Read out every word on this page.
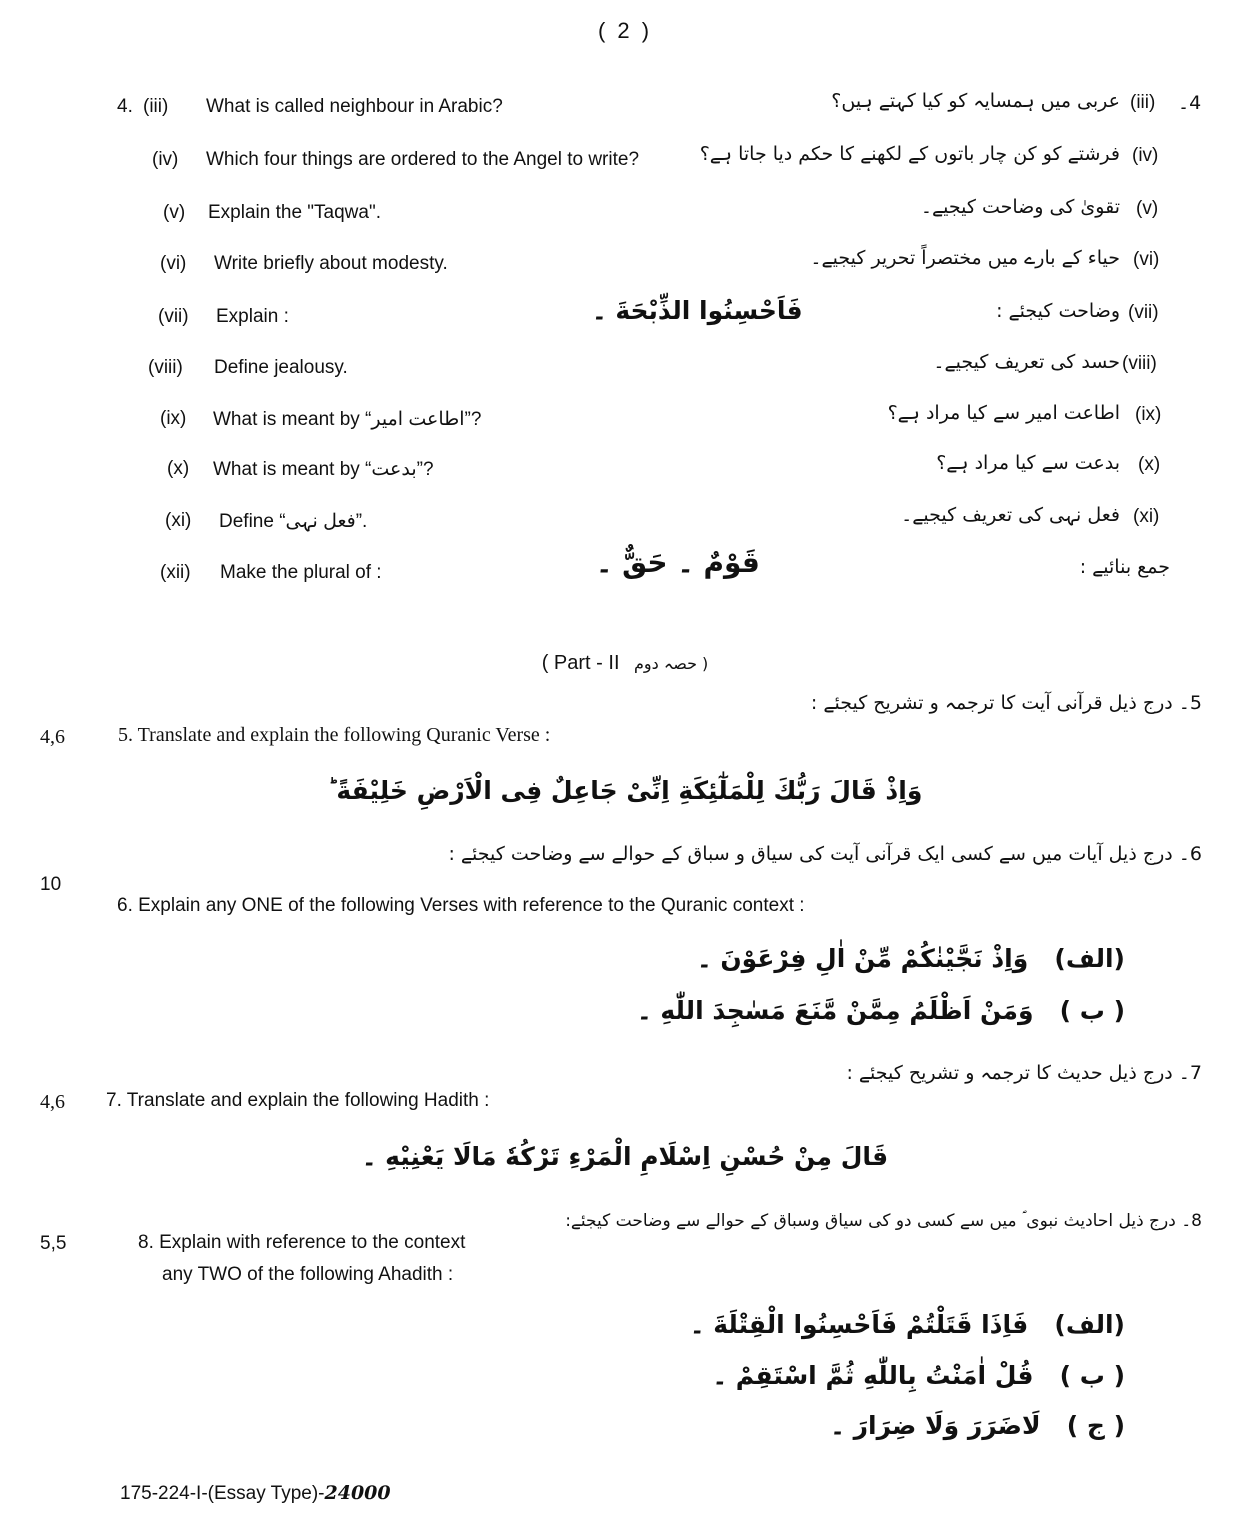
( 2 )
4.	4۔
(iii) What is called neighbour in Arabic?	عربی میں ہمسایہ کو کیا کہتے ہیں؟ (iii)
(iv) Which four things are ordered to the Angel to write?	فرشتے کو کن چار باتوں کے لکھنے کا حکم دیا جاتا ہے؟ (iv)
(v) Explain the "Taqwa".	تقویٰ کی وضاحت کیجیے۔ (v)
(vi) Write briefly about modesty.	حیاء کے بارے میں مختصراً تحریر کیجیے۔ (vi)
(vii) Explain :	فَاَحْسِنُوا الذِّبْحَةَ ۔	وضاحت کیجئے : (vii)
(viii) Define jealousy.	حسد کی تعریف کیجیے۔ (viii)
(ix) What is meant by “اطاعت امیر”?	اطاعت امیر سے کیا مراد ہے؟ (ix)
(x) What is meant by “بدعت”?	بدعت سے کیا مراد ہے؟ (x)
(xi) Define “فعل نہی”.	فعل نہی کی تعریف کیجیے۔ (xi)
(xii) Make the plural of :	قَوْمٌ ۔ حَقٌّ ۔	جمع بنائیے :
( Part - II حصہ دوم )
5۔ درج ذیل قرآنی آیت کا ترجمہ و تشریح کیجئے :
4,6	5. Translate and explain the following Quranic Verse :
وَاِذْ قَالَ رَبُّكَ لِلْمَلٰٓئِكَةِ اِنِّیْ جَاعِلٌ فِی الْاَرْضِ خَلِیْفَةً ؕ
6۔ درج ذیل آیات میں سے کسی ایک قرآنی آیت کی سیاق و سباق کے حوالے سے وضاحت کیجئے :
10
6. Explain any ONE of the following Verses with reference to the Quranic context :
(الف)   وَاِذْ نَجَّیْنٰكُمْ مِّنْ اٰلِ فِرْعَوْنَ ۔
( ب )   وَمَنْ اَظْلَمُ مِمَّنْ مَّنَعَ مَسٰجِدَ اللّٰهِ ۔
7۔ درج ذیل حدیث کا ترجمہ و تشریح کیجئے :
4,6 7. Translate and explain the following Hadith :
قَالَ مِنْ حُسْنِ اِسْلَامِ الْمَرْءِ تَرْكُهٗ مَالَا یَعْنِیْهِ ۔
8۔ درج ذیل احادیث نبوی ؐ میں سے کسی دو کی سیاق وسباق کے حوالے سے وضاحت کیجئے:
5,5	8. Explain with reference to the context
any TWO of the following Ahadith :
(الف)   فَاِذَا قَتَلْتُمْ فَاَحْسِنُوا الْقِتْلَةَ ۔
( ب )   قُلْ اٰمَنْتُ بِاللّٰهِ ثُمَّ اسْتَقِمْ ۔
( ج )   لَاضَرَرَ وَلَا ضِرَارَ ۔
175-224-I-(Essay Type)-24000
